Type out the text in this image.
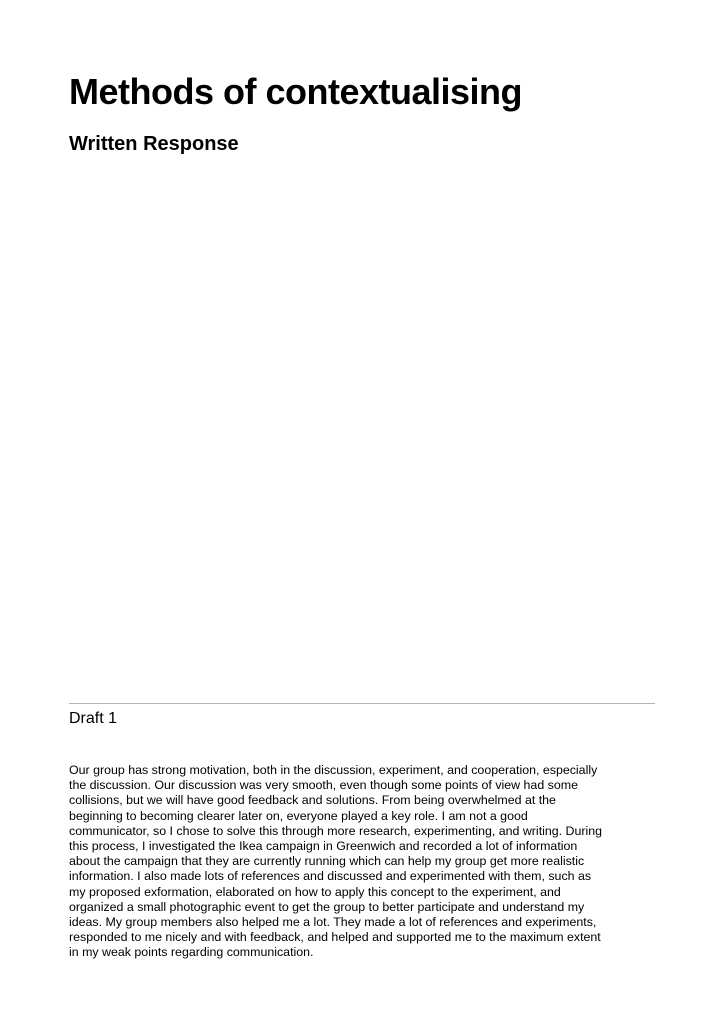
Methods of contextualising
Written Response
Draft 1

Our group has strong motivation, both in the discussion, experiment, and cooperation, especially
the discussion. Our discussion was very smooth, even though some points of view had some
collisions, but we will have good feedback and solutions. From being overwhelmed at the
beginning to becoming clearer later on, everyone played a key role. I am not a good
communicator, so I chose to solve this through more research, experimenting, and writing. During
this process, I investigated the Ikea campaign in Greenwich and recorded a lot of information
about the campaign that they are currently running which can help my group get more realistic
information. I also made lots of references and discussed and experimented with them, such as
my proposed exformation, elaborated on how to apply this concept to the experiment, and
organized a small photographic event to get the group to better participate and understand my
ideas. My group members also helped me a lot. They made a lot of references and experiments,
responded to me nicely and with feedback, and helped and supported me to the maximum extent
in my weak points regarding communication.
